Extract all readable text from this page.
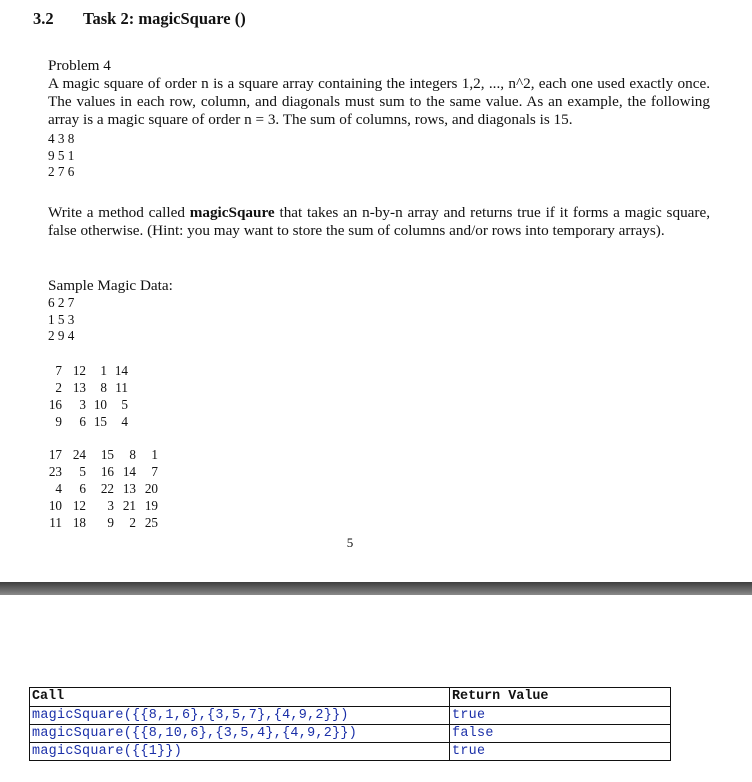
3.2 Task 2: magicSquare ()

Problem 4

A magic square of order n is a square array containing the integers 1,2, ..., n^2, each one used exactly once. The values in each row, column, and diagonals must sum to the same value. As an example, the following array is a magic square of order n = 3. The sum of columns, rows, and diagonals is 15.

4 3 8
9 5 1
2 7 6

Write a method called magicSqaure that takes an n-by-n array and returns true if it forms a magic square, false otherwise. (Hint: you may want to store the sum of columns and/or rows into temporary arrays).

Sample Magic Data:

6 2 7
1 5 3
2 9 4
7 12 1 14
2 13 8 11
16 3 10 5
9 6 15 4
17 24 15 8 1
23 5 16 14 7
4 6 22 13 20
10 12 3 21 19
11 18 9 2 25
5
Call	Return Value
magicSquare({{8,1,6},{3,5,7},{4,9,2}})	true
magicSquare({{8,10,6},{3,5,4},{4,9,2}})	false
magicSquare({{1}})	true
